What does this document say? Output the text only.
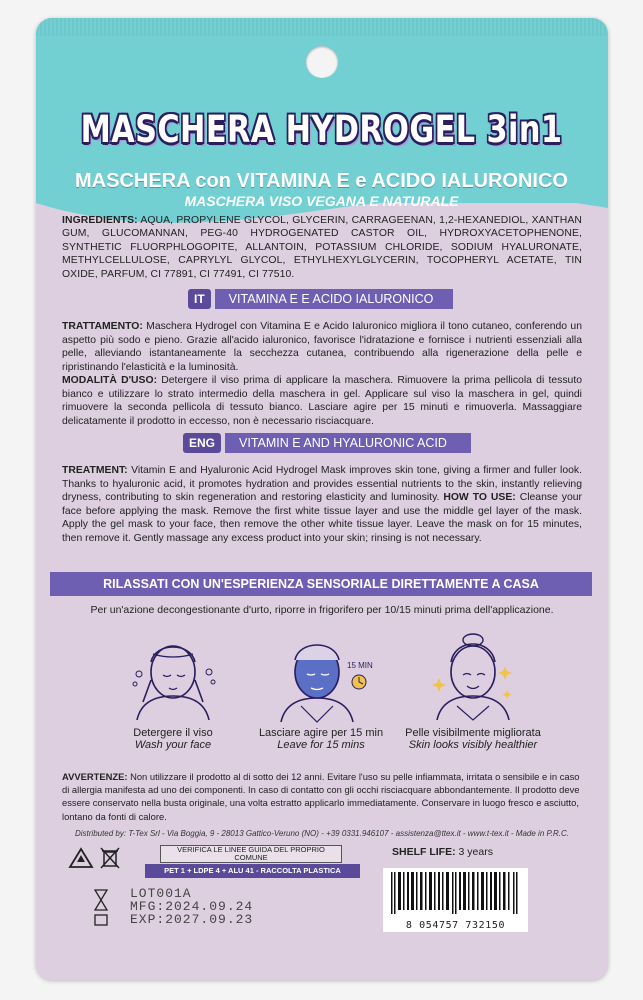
MASCHERA HYDROGEL 3in1
MASCHERA con VITAMINA E e ACIDO IALURONICO
MASCHERA VISO VEGANA E NATURALE
INGREDIENTS: AQUA, PROPYLENE GLYCOL, GLYCERIN, CARRAGEENAN, 1,2-HEXANEDIOL, XANTHAN GUM, GLUCOMANNAN, PEG-40 HYDROGENATED CASTOR OIL, HYDROXYACETOPHENONE, SYNTHETIC FLUORPHLOGOPITE, ALLANTOIN, POTASSIUM CHLORIDE, SODIUM HYALURONATE, METHYLCELLULOSE, CAPRYLYL GLYCOL, ETHYLHEXYLGLYCERIN, TOCOPHERYL ACETATE, TIN OXIDE, PARFUM, CI 77891, CI 77491, CI 77510.
IT	VITAMINA E E ACIDO IALURONICO
TRATTAMENTO: Maschera Hydrogel con Vitamina E e Acido Ialuronico migliora il tono cutaneo, conferendo un aspetto più sodo e pieno. Grazie all'acido ialuronico, favorisce l'idratazione e fornisce i nutrienti essenziali alla pelle, alleviando istantaneamente la secchezza cutanea, contribuendo alla rigenerazione della pelle e ripristinando l'elasticità e la luminosità.
MODALITÀ D'USO: Detergere il viso prima di applicare la maschera. Rimuovere la prima pellicola di tessuto bianco e utilizzare lo strato intermedio della maschera in gel. Applicare sul viso la maschera in gel, quindi rimuovere la seconda pellicola di tessuto bianco. Lasciare agire per 15 minuti e rimuoverla. Massaggiare delicatamente il prodotto in eccesso, non è necessario risciacquare.
ENG	VITAMIN E AND HYALURONIC ACID
TREATMENT: Vitamin E and Hyaluronic Acid Hydrogel Mask improves skin tone, giving a firmer and fuller look. Thanks to hyaluronic acid, it promotes hydration and provides essential nutrients to the skin, instantly relieving dryness, contributing to skin regeneration and restoring elasticity and luminosity. HOW TO USE: Cleanse your face before applying the mask. Remove the first white tissue layer and use the middle gel layer of the mask. Apply the gel mask to your face, then remove the other white tissue layer. Leave the mask on for 15 minutes, then remove it. Gently massage any excess product into your skin; rinsing is not necessary.
RILASSATI CON UN'ESPERIENZA SENSORIALE DIRETTAMENTE A CASA
Per un'azione decongestionante d'urto, riporre in frigorifero per 10/15 minuti prima dell'applicazione.
Detergere il viso
Wash your face
15 MIN
Lasciare agire per 15 min
Leave for 15 mins
Pelle visibilmente migliorata
Skin looks visibly healthier
AVVERTENZE: Non utilizzare il prodotto al di sotto dei 12 anni. Evitare l'uso su pelle infiammata, irritata o sensibile e in caso di allergia manifesta ad uno dei componenti. In caso di contatto con gli occhi risciacquare abbondantemente. Il prodotto deve essere conservato nella busta originale, una volta estratto applicarlo immediatamente. Conservare in luogo fresco e asciutto, lontano da fonti di calore.
Distributed by: T-Tex Srl - Via Boggia, 9 - 28013 Gattico-Veruno (NO) - +39 0331.946107 - assistenza@ttex.it - www.t-tex.it - Made in P.R.C.
VERIFICA LE LINEE GUIDA DEL PROPRIO COMUNE
PET 1 + LDPE 4 + ALU 41 - RACCOLTA PLASTICA
SHELF LIFE: 3 years
8 054757 732150
LOT001A
MFG:2024.09.24
EXP:2027.09.23
